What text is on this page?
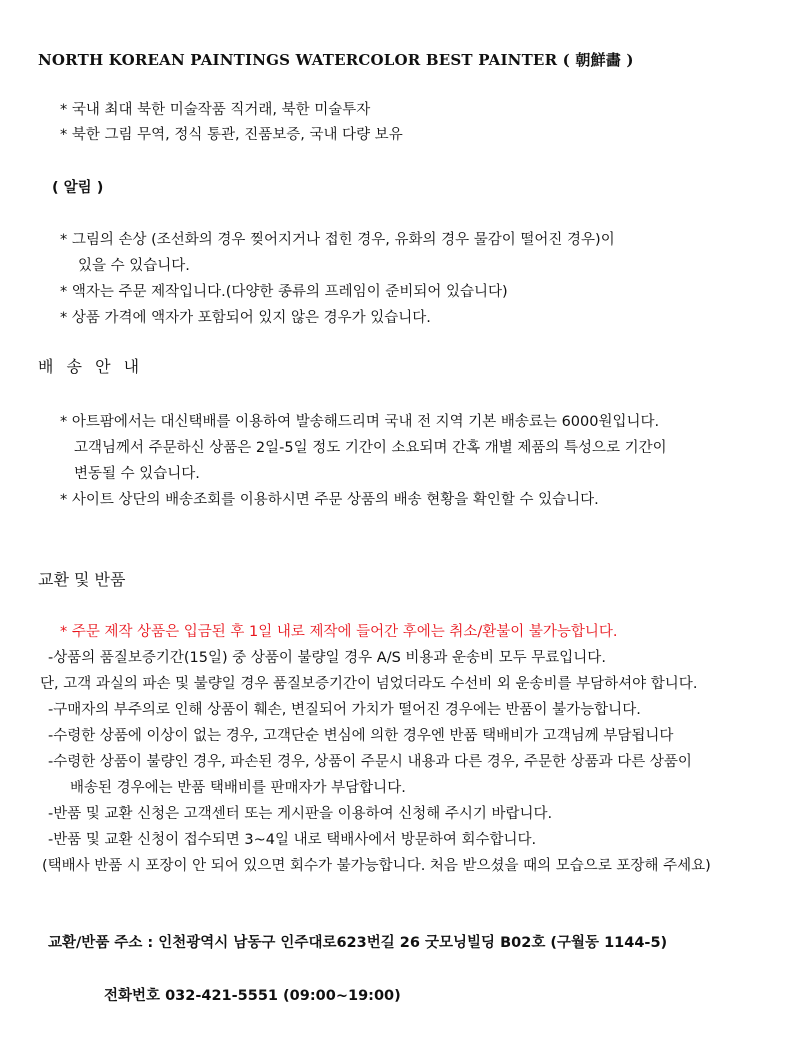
NORTH KOREAN PAINTINGS WATERCOLOR BEST PAINTER ( 朝鮮畵 )
* 국내 최대 북한 미술작품 직거래, 북한 미술투자
* 북한 그림 무역, 정식 통관, 진품보증, 국내 다량 보유
( 알림 )
* 그림의 손상 (조선화의 경우 찢어지거나 접힌 경우, 유화의 경우 물감이 떨어진 경우)이
있을 수 있습니다.
* 액자는 주문 제작입니다.(다양한 종류의 프레임이 준비되어 있습니다)
* 상품 가격에 액자가 포함되어 있지 않은 경우가 있습니다.
배 송 안 내
* 아트팜에서는 대신택배를 이용하여 발송해드리며 국내 전 지역 기본 배송료는 6000원입니다.
고객님께서 주문하신 상품은 2일-5일 정도 기간이 소요되며 간혹 개별 제품의 특성으로 기간이
변동될 수 있습니다.
* 사이트 상단의 배송조회를 이용하시면 주문 상품의 배송 현황을 확인할 수 있습니다.
교환 및 반품
* 주문 제작 상품은 입금된 후 1일 내로 제작에 들어간 후에는 취소/환불이 불가능합니다.
-상품의 품질보증기간(15일) 중 상품이 불량일 경우 A/S 비용과 운송비 모두 무료입니다.
단, 고객 과실의 파손 및 불량일 경우 품질보증기간이 넘었더라도 수선비 외 운송비를 부담하셔야 합니다.
-구매자의 부주의로 인해 상품이 훼손, 변질되어 가치가 떨어진 경우에는 반품이 불가능합니다.
-수령한 상품에 이상이 없는 경우, 고객단순 변심에 의한 경우엔 반품 택배비가 고객님께 부담됩니다
-수령한 상품이 불량인 경우, 파손된 경우, 상품이 주문시 내용과 다른 경우, 주문한 상품과 다른 상품이
배송된 경우에는 반품 택배비를 판매자가 부담합니다.
-반품 및 교환 신청은 고객센터 또는 게시판을 이용하여 신청해 주시기 바랍니다.
-반품 및 교환 신청이 접수되면 3~4일 내로 택배사에서 방문하여 회수합니다.
(택배사 반품 시 포장이 안 되어 있으면 회수가 불가능합니다. 처음 받으셨을 때의 모습으로 포장해 주세요)
교환/반품 주소 : 인천광역시 남동구 인주대로623번길 26 굿모닝빌딩 B02호 (구월동 1144-5)
전화번호 032-421-5551 (09:00~19:00)
